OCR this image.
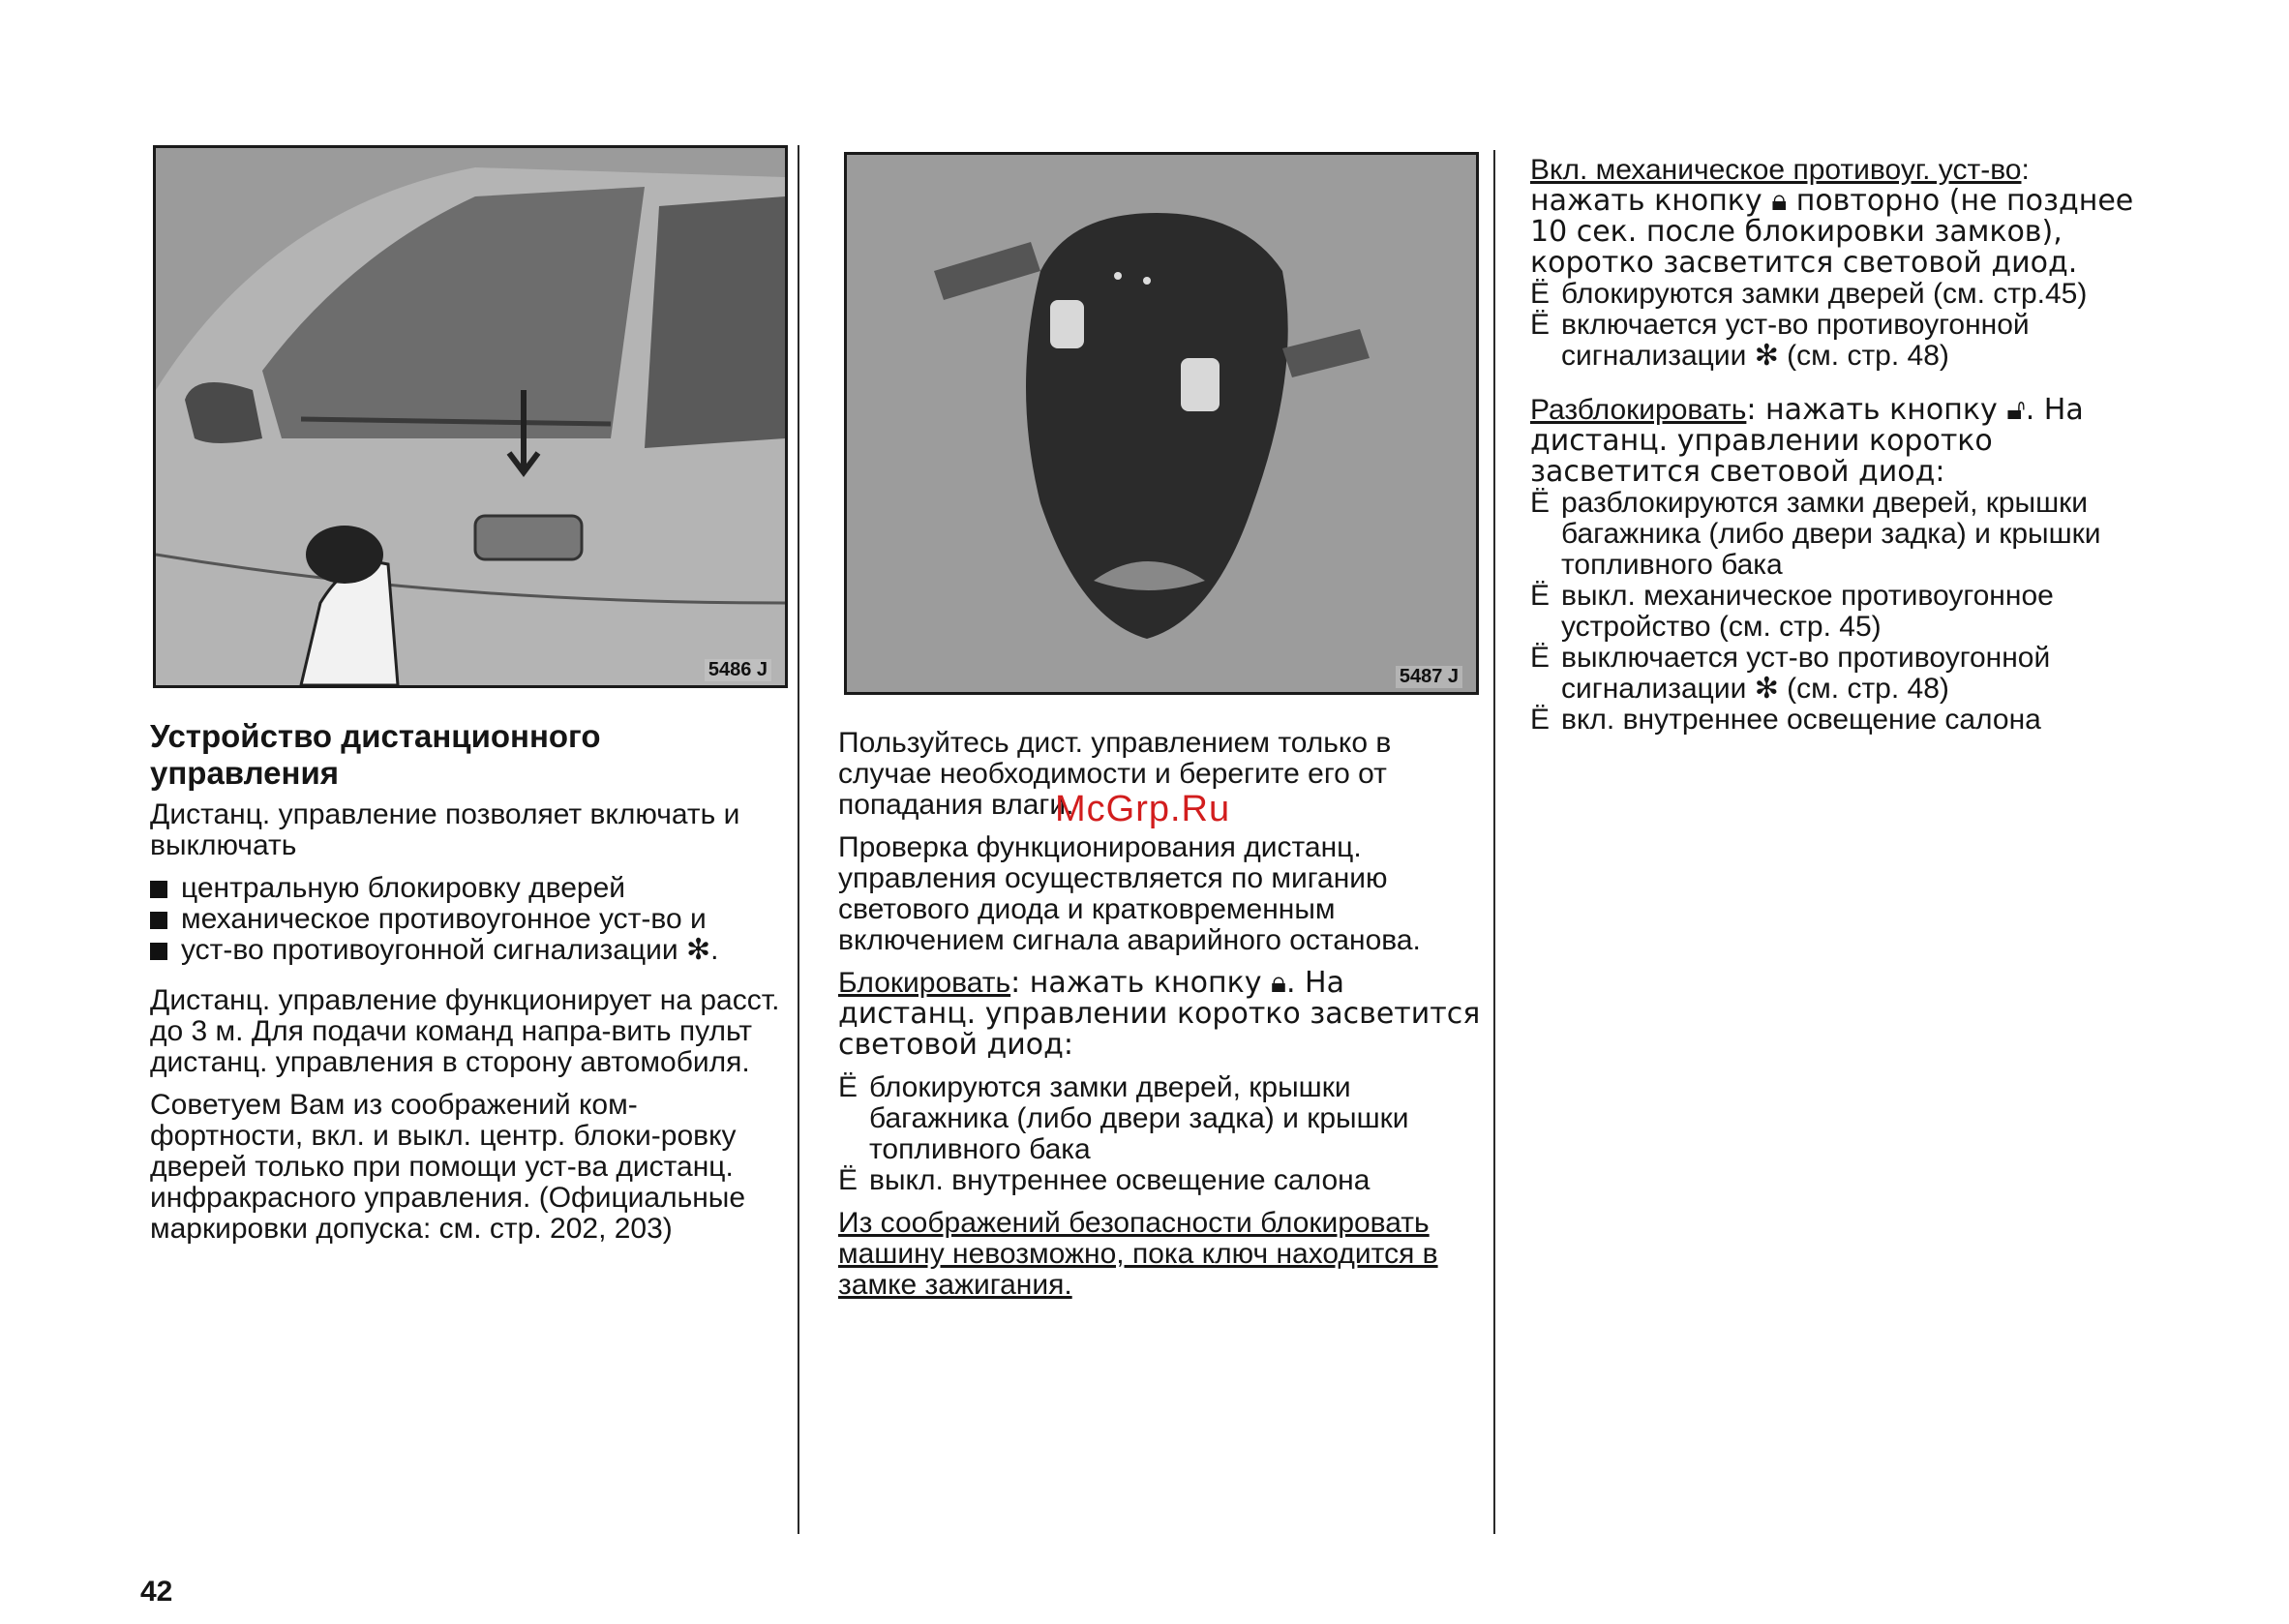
5486 J	5487 J
Устройство дистанционного управления

Дистанц. управление позволяет включать и выключать

центральную блокировку дверей
механическое противоугонное уст-во и
уст-во противоугонной сигнализации ✻.

Дистанц. управление функционирует на расст. до 3 м. Для подачи команд напра-вить пульт дистанц. управления в сторону автомобиля.

Советуем Вам из соображений ком-фортности, вкл. и выкл. центр. блоки-ровку дверей только при помощи уст-ва дистанц. инфракрасного управления. (Официальные маркировки допуска: см. стр. 202, 203)

Пользуйтесь дист. управлением только в случае необходимости и берегите его от попадания влаги.

Проверка функционирования дистанц. управления осуществляется по миганию светового диода и кратковременным включением сигнала аварийного останова.

Блокировать: нажать кнопку 🔒︎. На дистанц. управлении коротко засветится световой диод:

Ё блокируются замки дверей, крышки багажника (либо двери задка) и крышки топливного бака
Ё выкл. внутреннее освещение салона

Из соображений безопасности блокировать машину невозможно, пока ключ находится в замке зажигания.

Вкл. механическое противоуг. уст-во:

нажать кнопку 🔒︎ повторно (не позднее 10 сек. после блокировки замков), коротко засветится световой диод.

Ё блокируются замки дверей (см. стр.45)
Ё включается уст-во противоугонной сигнализации ✻ (см. стр. 48)

Разблокировать: нажать кнопку 🔓︎. На дистанц. управлении коротко засветится световой диод:

Ё разблокируются замки дверей, крышки багажника (либо двери задка) и крышки топливного бака
Ё выкл. механическое противоугонное устройство (см. стр. 45)
Ё выключается уст-во противоугонной сигнализации ✻ (см. стр. 48)
Ё вкл. внутреннее освещение салона
McGrp.Ru
42
